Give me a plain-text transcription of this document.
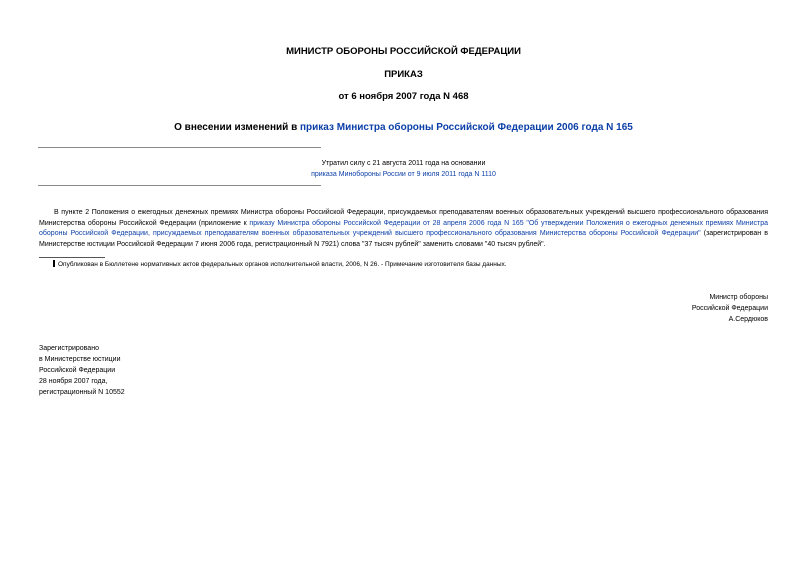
МИНИСТР ОБОРОНЫ РОССИЙСКОЙ ФЕДЕРАЦИИ
ПРИКАЗ
от 6 ноября 2007 года N 468
О внесении изменений в приказ Министра обороны Российской Федерации 2006 года N 165
Утратил силу с 21 августа 2011 года на основании
приказа Минобороны России от 9 июля 2011 года N 1110
В пункте 2 Положения о ежегодных денежных премиях Министра обороны Российской Федерации, присуждаемых преподавателям военных образовательных учреждений высшего профессионального образования Министерства обороны Российской Федерации (приложение к приказу Министра обороны Российской Федерации от 28 апреля 2006 года N 165 "Об утверждении Положения о ежегодных денежных премиях Министра обороны Российской Федерации, присуждаемых преподавателям военных образовательных учреждений высшего профессионального образования Министерства обороны Российской Федерации" (зарегистрирован в Министерстве юстиции Российской Федерации 7 июня 2006 года, регистрационный N 7921) слова "37 тысяч рублей" заменить словами "40 тысяч рублей".
Опубликован в Бюллетене нормативных актов федеральных органов исполнительной власти, 2006, N 26. - Примечание изготовителя базы данных.
Министр обороны
Российской Федерации
А.Сердюков
Зарегистрировано
в Министерстве юстиции
Российской Федерации
28 ноября 2007 года,
регистрационный N 10552
